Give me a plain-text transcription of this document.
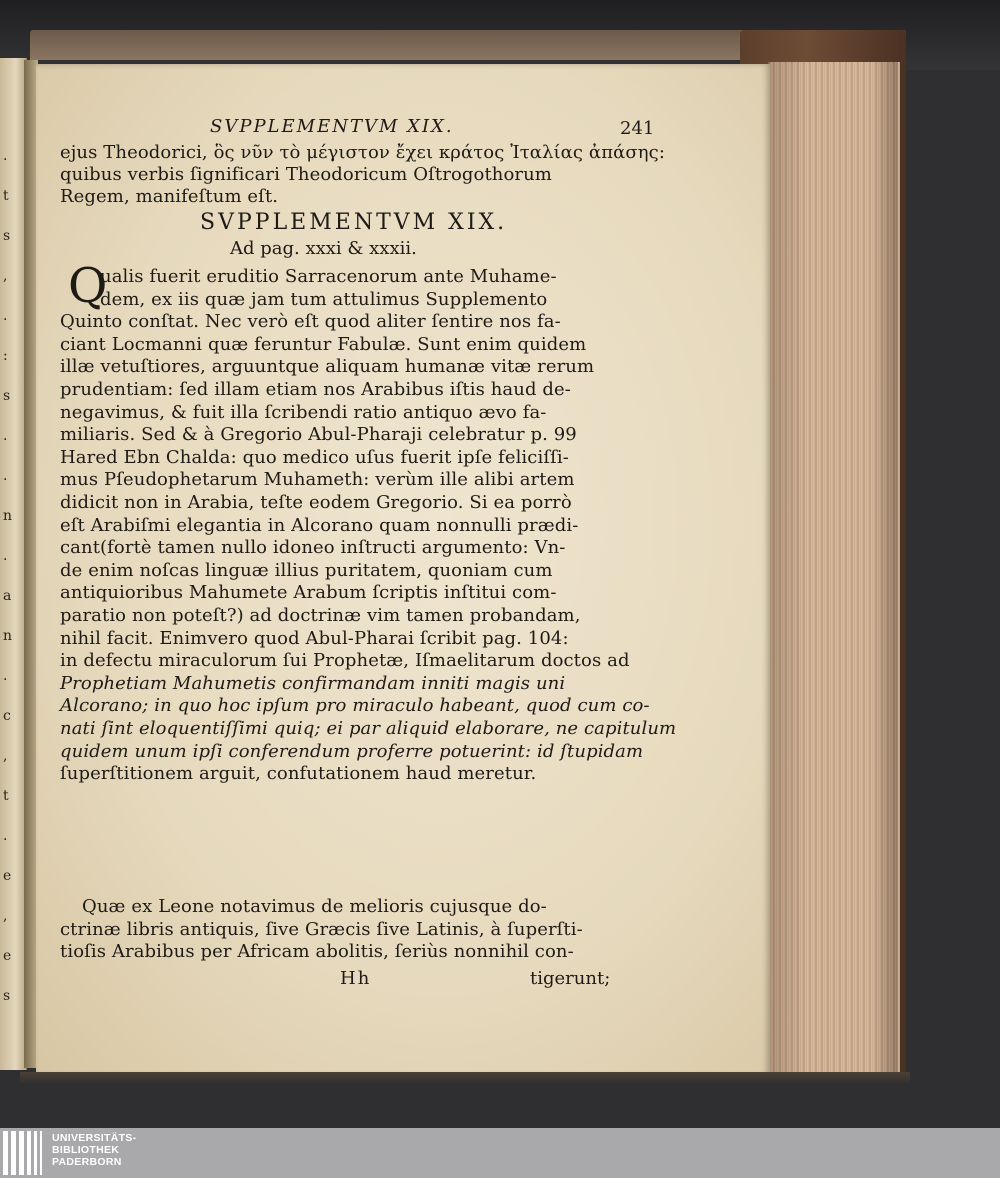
.
t
s
,
.
:
s
.
.
n
.
a
n
.
c
,
t
.
e
,
e
s
SVPPLEMENTVM XIX.	241
ejus Theodorici, ὃς νῦν τὸ μέγιστον ἔχει κράτος Ἰταλίας ἀπάσης:
quibus verbis ſignificari Theodoricum Oſtrogothorum
Regem, manifeſtum eſt.
SVPPLEMENTVM XIX.
Ad pag. xxxi & xxxii.
Q
ualis fuerit eruditio Sarracenorum ante Muhame-
dem, ex iis quæ jam tum attulimus Supplemento
Quinto conſtat. Nec verò eſt quod aliter ſentire nos fa-
ciant Locmanni quæ feruntur Fabulæ. Sunt enim quidem
illæ vetuſtiores, arguuntque aliquam humanæ vitæ rerum
prudentiam: ſed illam etiam nos Arabibus iſtis haud de-
negavimus, & fuit illa ſcribendi ratio antiquo ævo fa-
miliaris. Sed & à Gregorio Abul-Pharaji celebratur p. 99
Hared Ebn Chalda: quo medico uſus fuerit ipſe feliciſſi-
mus Pſeudophetarum Muhameth: verùm ille alibi artem
didicit non in Arabia, teſte eodem Gregorio. Si ea porrò
eſt Arabiſmi elegantia in Alcorano quam nonnulli prædi-
cant(fortè tamen nullo idoneo inſtructi argumento: Vn-
de enim noſcas linguæ illius puritatem, quoniam cum
antiquioribus Mahumete Arabum ſcriptis inſtitui com-
paratio non poteſt?) ad doctrinæ vim tamen probandam,
nihil facit. Enimvero quod Abul-Pharai ſcribit pag. 104:
in defectu miraculorum ſui Prophetæ, Iſmaelitarum doctos ad
Prophetiam Mahumetis confirmandam inniti magis uni
Alcorano; in quo hoc ipſum pro miraculo habeant, quod cum co-
nati ſint eloquentiſſimi quiq; ei par aliquid elaborare, ne capitulum
quidem unum ipſi conferendum proferre potuerint: id ſtupidam
ſuperſtitionem arguit, confutationem haud meretur.
Quæ ex Leone notavimus de melioris cujusque do-
ctrinæ libris antiquis, ſive Græcis ſive Latinis, à ſuperſti-
tioſis Arabibus per Africam abolitis, ſeriùs nonnihil con-
Hh	tigerunt;
UNIVERSITÄTS-
BIBLIOTHEK
PADERBORN
